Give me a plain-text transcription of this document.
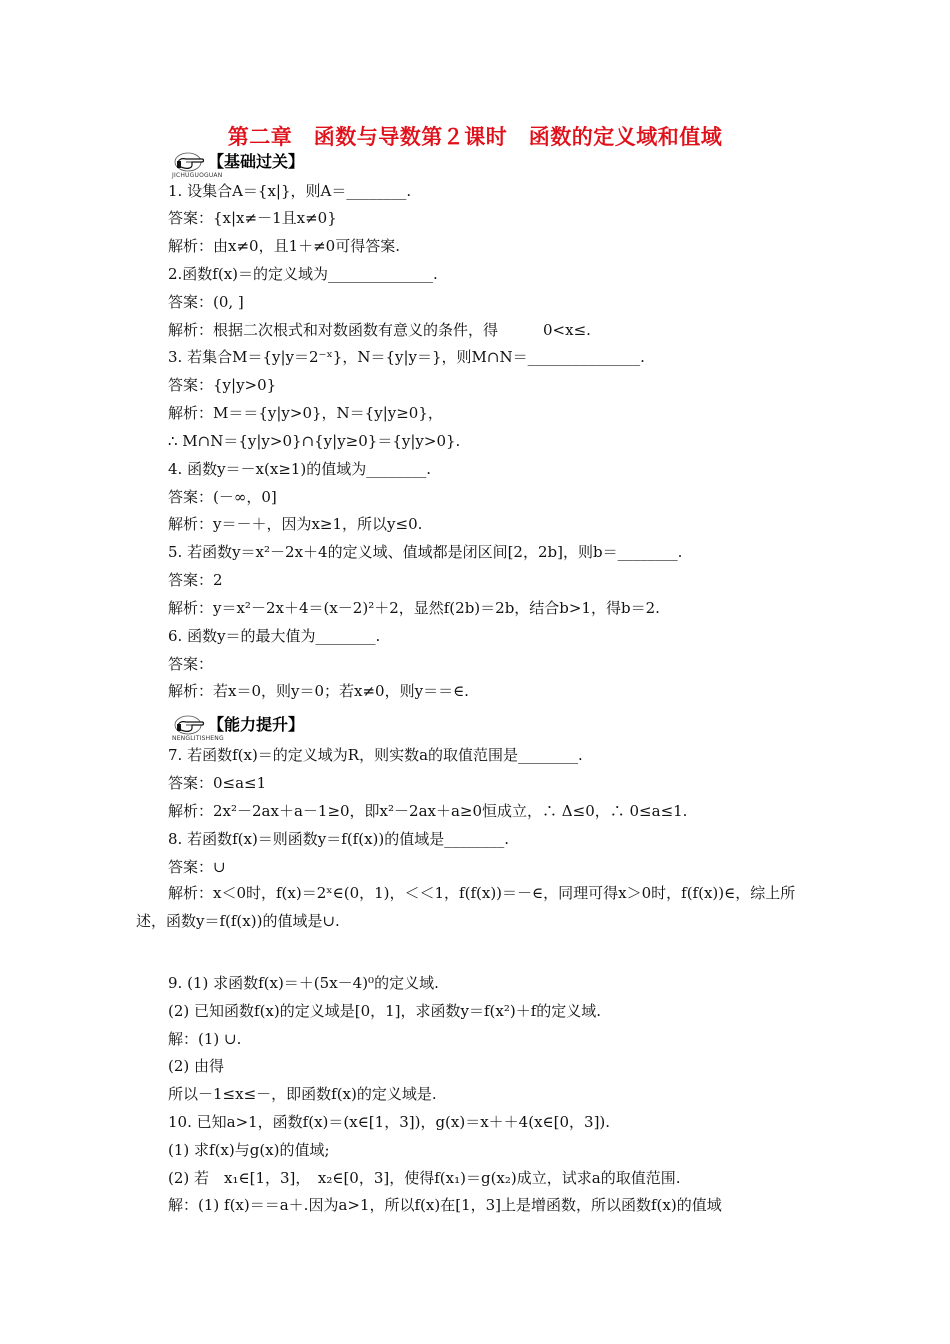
第二章　函数与导数第２课时　函数的定义域和值域
【基础过关】
JICHUGUOGUAN
1. 设集合A＝{x|}，则A＝________.
答案：{x|x≠－1且x≠0}
解析：由x≠0，且1＋≠0可得答案.
2.函数f(x)＝的定义域为______________.
答案：(0, ]
解析：根据二次根式和对数函数有意义的条件，得　　　0<x≤.
3. 若集合M＝{y|y＝2⁻ˣ}，N＝{y|y＝}，则M∩N＝_______________.
答案：{y|y>0}
解析：M＝＝{y|y>0}，N＝{y|y≥0}，
∴ M∩N＝{y|y>0}∩{y|y≥0}＝{y|y>0}.
4. 函数y＝－x(x≥1)的值域为________.
答案：(－∞，0]
解析：y＝－＋，因为x≥1，所以y≤0.
5. 若函数y＝x²－2x＋4的定义域、值域都是闭区间[2，2b]，则b＝________.
答案：2
解析：y＝x²－2x＋4＝(x－2)²＋2，显然f(2b)＝2b，结合b>1，得b＝2.
6. 函数y＝的最大值为________.
答案：
解析：若x＝0，则y＝0；若x≠0，则y＝＝∈.
【能力提升】
NENGLITISHENG
7. 若函数f(x)＝的定义域为R，则实数a的取值范围是________.
答案：0≤a≤1
解析：2x²－2ax＋a－1≥0，即x²－2ax＋a≥0恒成立，∴ Δ≤0，∴ 0≤a≤1.
8. 若函数f(x)＝则函数y＝f(f(x))的值域是________.
答案：∪
解析：x＜0时，f(x)＝2ˣ∈(0，1)，＜＜1，f(f(x))＝－∈，同理可得x＞0时，f(f(x))∈，综上所述，函数y＝f(f(x))的值域是∪.
9. (1) 求函数f(x)＝＋(5x－4)⁰的定义域.
(2) 已知函数f(x)的定义域是[0，1]，求函数y＝f(x²)＋f的定义域.
解：(1) ∪.
(2) 由得
所以－1≤x≤－，即函数f(x)的定义域是.
10. 已知a>1，函数f(x)＝(x∈[1，3])，g(x)＝x＋＋4(x∈[0，3]).
(1) 求f(x)与g(x)的值域;
(2) 若　x₁∈[1，3]，　x₂∈[0，3]，使得f(x₁)＝g(x₂)成立，试求a的取值范围.
解：(1) f(x)＝＝a＋.因为a>1，所以f(x)在[1，3]上是增函数，所以函数f(x)的值域
